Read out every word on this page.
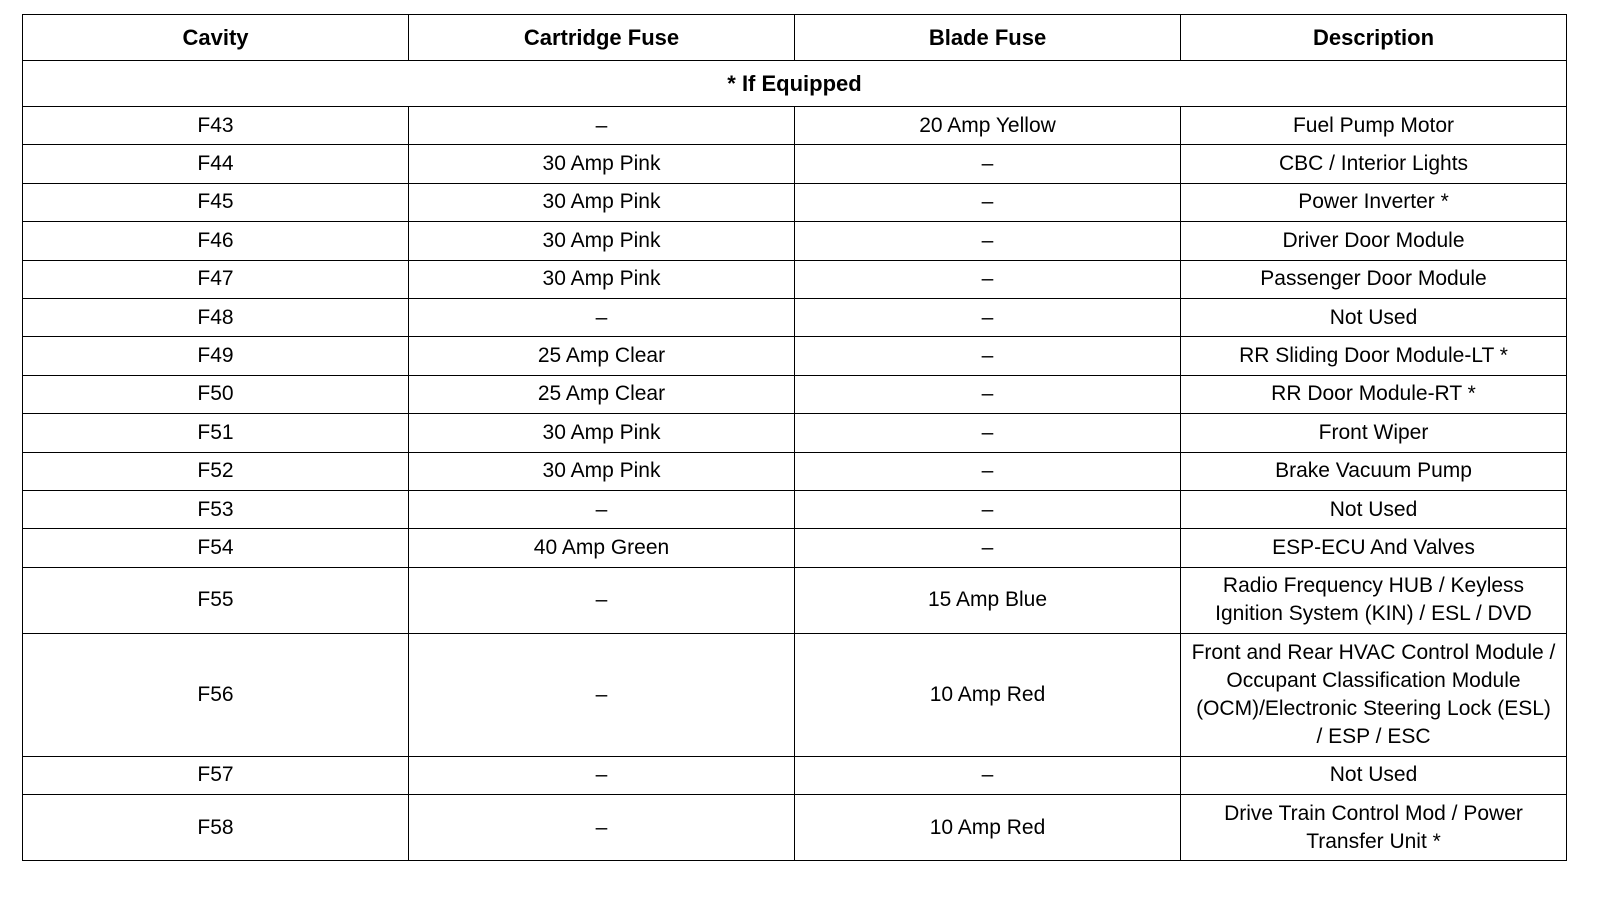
Cavity	Cartridge Fuse	Blade Fuse	Description
* If Equipped			
F43	–	20 Amp Yellow	Fuel Pump Motor
F44	30 Amp Pink	–	CBC / Interior Lights
F45	30 Amp Pink	–	Power Inverter *
F46	30 Amp Pink	–	Driver Door Module
F47	30 Amp Pink	–	Passenger Door Module
F48	–	–	Not Used
F49	25 Amp Clear	–	RR Sliding Door Module-LT *
F50	25 Amp Clear	–	RR Door Module-RT *
F51	30 Amp Pink	–	Front Wiper
F52	30 Amp Pink	–	Brake Vacuum Pump
F53	–	–	Not Used
F54	40 Amp Green	–	ESP-ECU And Valves
F55	–	15 Amp Blue	Radio Frequency HUB / Keyless Ignition System (KIN) / ESL / DVD
F56	–	10 Amp Red	Front and Rear HVAC Control Module / Occupant Classification Module (OCM)/Electronic Steering Lock (ESL) / ESP / ESC
F57	–	–	Not Used
F58	–	10 Amp Red	Drive Train Control Mod / Power Transfer Unit *
